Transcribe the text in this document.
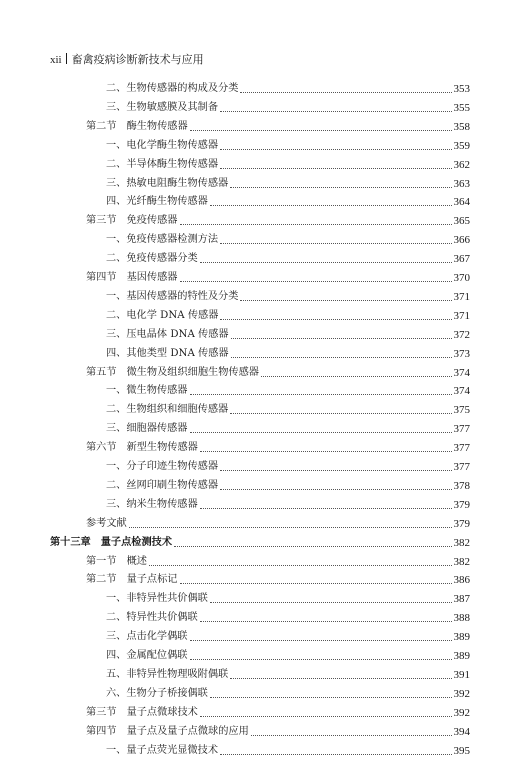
xii 畜禽疫病诊断新技术与应用
二、生物传感器的构成及分类	353
三、生物敏感膜及其制备	355
第二节 酶生物传感器	358
一、电化学酶生物传感器	359
二、半导体酶生物传感器	362
三、热敏电阻酶生物传感器	363
四、光纤酶生物传感器	364
第三节 免疫传感器	365
一、免疫传感器检测方法	366
二、免疫传感器分类	367
第四节 基因传感器	370
一、基因传感器的特性及分类	371
二、电化学 DNA 传感器	371
三、压电晶体 DNA 传感器	372
四、其他类型 DNA 传感器	373
第五节 微生物及组织细胞生物传感器	374
一、微生物传感器	374
二、生物组织和细胞传感器	375
三、细胞器传感器	377
第六节 新型生物传感器	377
一、分子印迹生物传感器	377
二、丝网印刷生物传感器	378
三、纳米生物传感器	379
参考文献	379
第十三章 量子点检测技术	382
第一节 概述	382
第二节 量子点标记	386
一、非特异性共价偶联	387
二、特异性共价偶联	388
三、点击化学偶联	389
四、金属配位偶联	389
五、非特异性物理吸附偶联	391
六、生物分子桥接偶联	392
第三节 量子点微球技术	392
第四节 量子点及量子点微球的应用	394
一、量子点荧光显微技术	395
